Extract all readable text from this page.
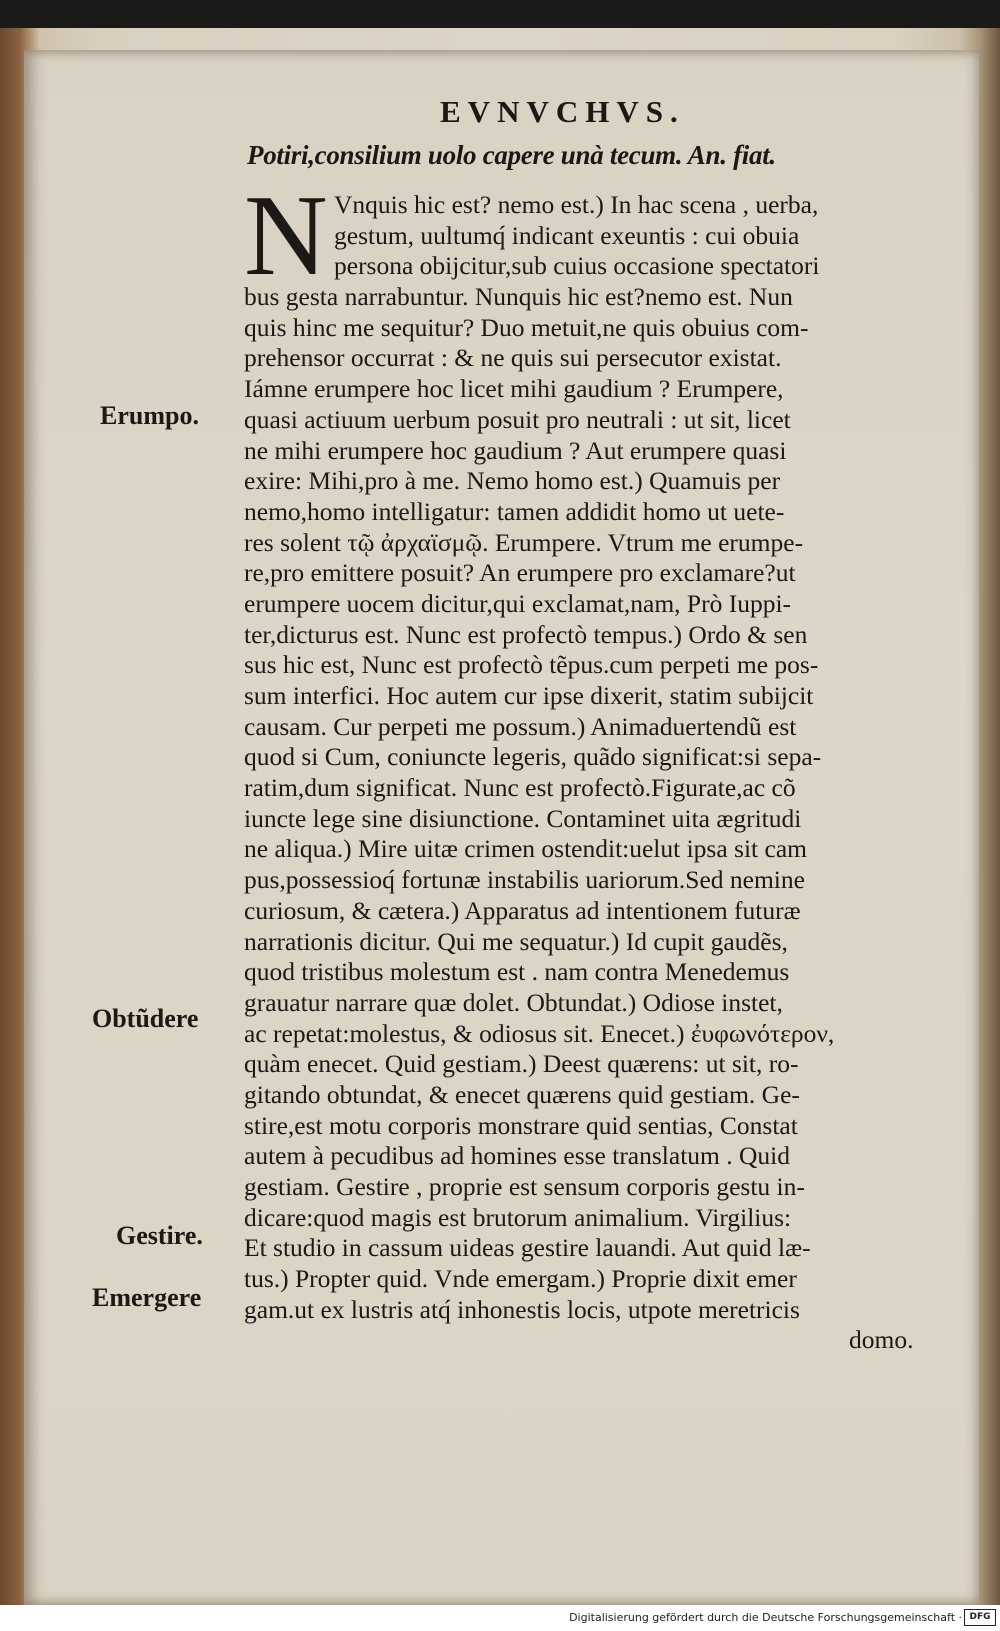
EVNVCHVS.
Potiri,consilium uolo capere unà tecum. An. fiat.
N Vnquis hic est? nemo est.) In hac scena , uerba,
gestum, uultumq́ indicant exeuntis : cui obuia
persona obijcitur,sub cuius occasione spectatori
bus gesta narrabuntur. Nunquis hic est?nemo est. Nun
quis hinc me sequitur? Duo metuit,ne quis obuius com-
prehensor occurrat : & ne quis sui persecutor existat.
Iámne erumpere hoc licet mihi gaudium ? Erumpere,
quasi actiuum uerbum posuit pro neutrali : ut sit, licet
ne mihi erumpere hoc gaudium ? Aut erumpere quasi
exire: Mihi,pro à me. Nemo homo est.) Quamuis per
nemo,homo intelligatur: tamen addidit homo ut uete-
res solent τῷ ἀρχαϊσμῷ. Erumpere. Vtrum me erumpe-
re,pro emittere posuit? An erumpere pro exclamare?ut
erumpere uocem dicitur,qui exclamat,nam, Prò Iuppi-
ter,dicturus est. Nunc est profectò tempus.) Ordo & sen
sus hic est, Nunc est profectò tẽpus.cum perpeti me pos-
sum interfici. Hoc autem cur ipse dixerit, statim subijcit
causam. Cur perpeti me possum.) Animaduertendũ est
quod si Cum, coniuncte legeris, quãdo significat:si sepa-
ratim,dum significat. Nunc est profectò.Figurate,ac cõ
iuncte lege sine disiunctione. Contaminet uita ægritudi
ne aliqua.) Mire uitæ crimen ostendit:uelut ipsa sit cam
pus,possessioq́ fortunæ instabilis uariorum.Sed nemine
curiosum, & cætera.) Apparatus ad intentionem futuræ
narrationis dicitur. Qui me sequatur.) Id cupit gaudẽs,
quod tristibus molestum est . nam contra Menedemus
grauatur narrare quæ dolet. Obtundat.) Odiose instet,
ac repetat:molestus, & odiosus sit. Enecet.) ἐυφωνότερον,
quàm enecet. Quid gestiam.) Deest quærens: ut sit, ro-
gitando obtundat, & enecet quærens quid gestiam. Ge-
stire,est motu corporis monstrare quid sentias, Constat
autem à pecudibus ad homines esse translatum . Quid
gestiam. Gestire , proprie est sensum corporis gestu in-
dicare:quod magis est brutorum animalium. Virgilius:
Et studio in cassum uideas gestire lauandi. Aut quid læ-
tus.) Propter quid. Vnde emergam.) Proprie dixit emer
gam.ut ex lustris atq́ inhonestis locis, utpote meretricis
domo.
Erumpo.
Obtũdere
Gestire.
Emergere
Digitalisierung gefördert durch die Deutsche Forschungsgemeinschaft · DFG
